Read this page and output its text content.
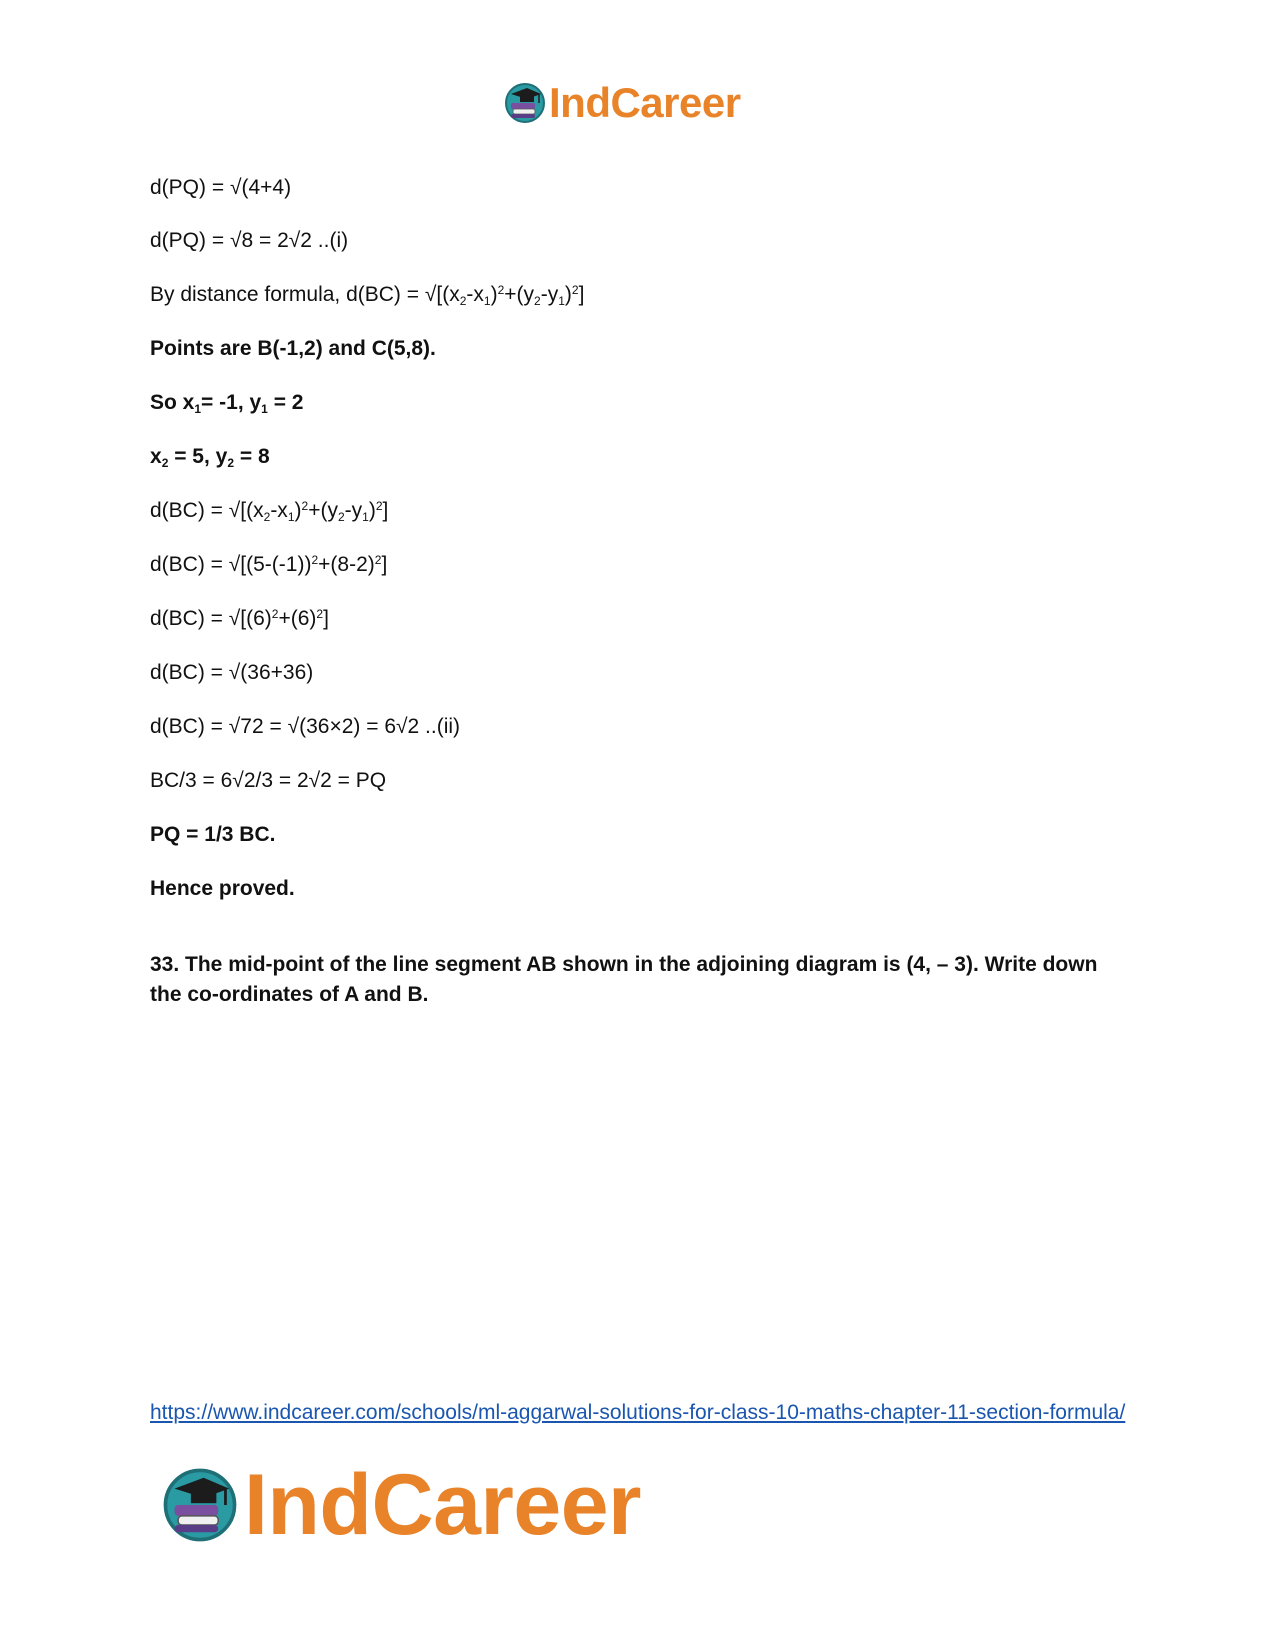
IndCareer
d(PQ) = √(4+4)
d(PQ) = √8 = 2√2 ..(i)
By distance formula, $d(BC) = √[(x_2-x_1)^2+(y_2-y_1)^2]$
Points are B(-1,2) and C(5,8).
So $x_1= -1$, $y_1 = 2$
$x_2 = 5$, $y_2 = 8$
$d(BC) = √[(x_2-x_1)^2+(y_2-y_1)^2]$
$d(BC) = √[(5-(-1))^2+(8-2)^2]$
$d(BC) = √[(6)^2+(6)^2]$
d(BC) = √(36+36)
d(BC) = √72 = √(36×2) = 6√2 ..(ii)
BC/3 = 6√2/3 = 2√2 = PQ
PQ = 1/3 BC.
Hence proved.
33. The mid-point of the line segment AB shown in the adjoining diagram is (4, – 3). Write down the co-ordinates of A and B.
https://www.indcareer.com/schools/ml-aggarwal-solutions-for-class-10-maths-chapter-11-section-formula/
IndCareer
